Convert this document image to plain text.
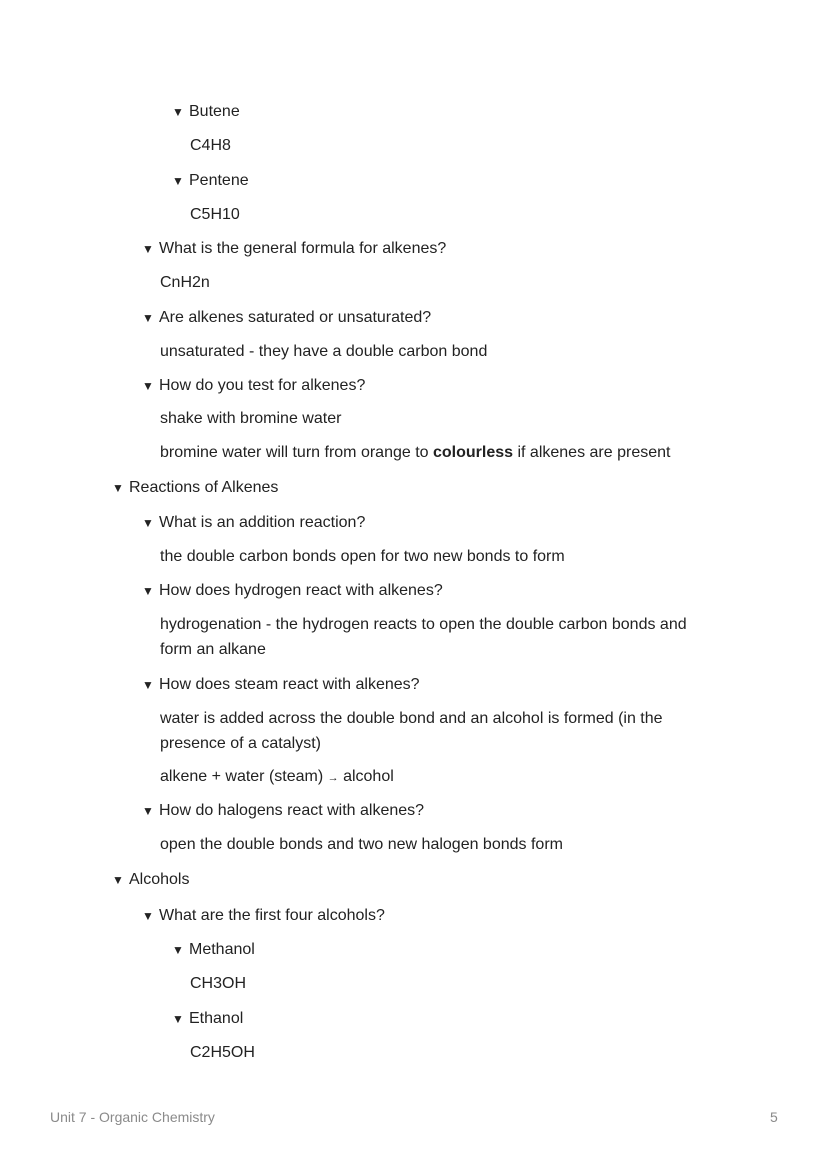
▼ Butene
C4H8
▼ Pentene
C5H10
▼ What is the general formula for alkenes?
CnH2n
▼ Are alkenes saturated or unsaturated?
unsaturated - they have a double carbon bond
▼ How do you test for alkenes?
shake with bromine water
bromine water will turn from orange to colourless if alkenes are present
▼ Reactions of Alkenes
▼ What is an addition reaction?
the double carbon bonds open for two new bonds to form
▼ How does hydrogen react with alkenes?
hydrogenation - the hydrogen reacts to open the double carbon bonds and
form an alkane
▼ How does steam react with alkenes?
water is added across the double bond and an alcohol is formed (in the
presence of a catalyst)
alkene + water (steam) → alcohol
▼ How do halogens react with alkenes?
open the double bonds and two new halogen bonds form
▼ Alcohols
▼ What are the first four alcohols?
▼ Methanol
CH3OH
▼ Ethanol
C2H5OH
Unit 7 - Organic Chemistry	5
